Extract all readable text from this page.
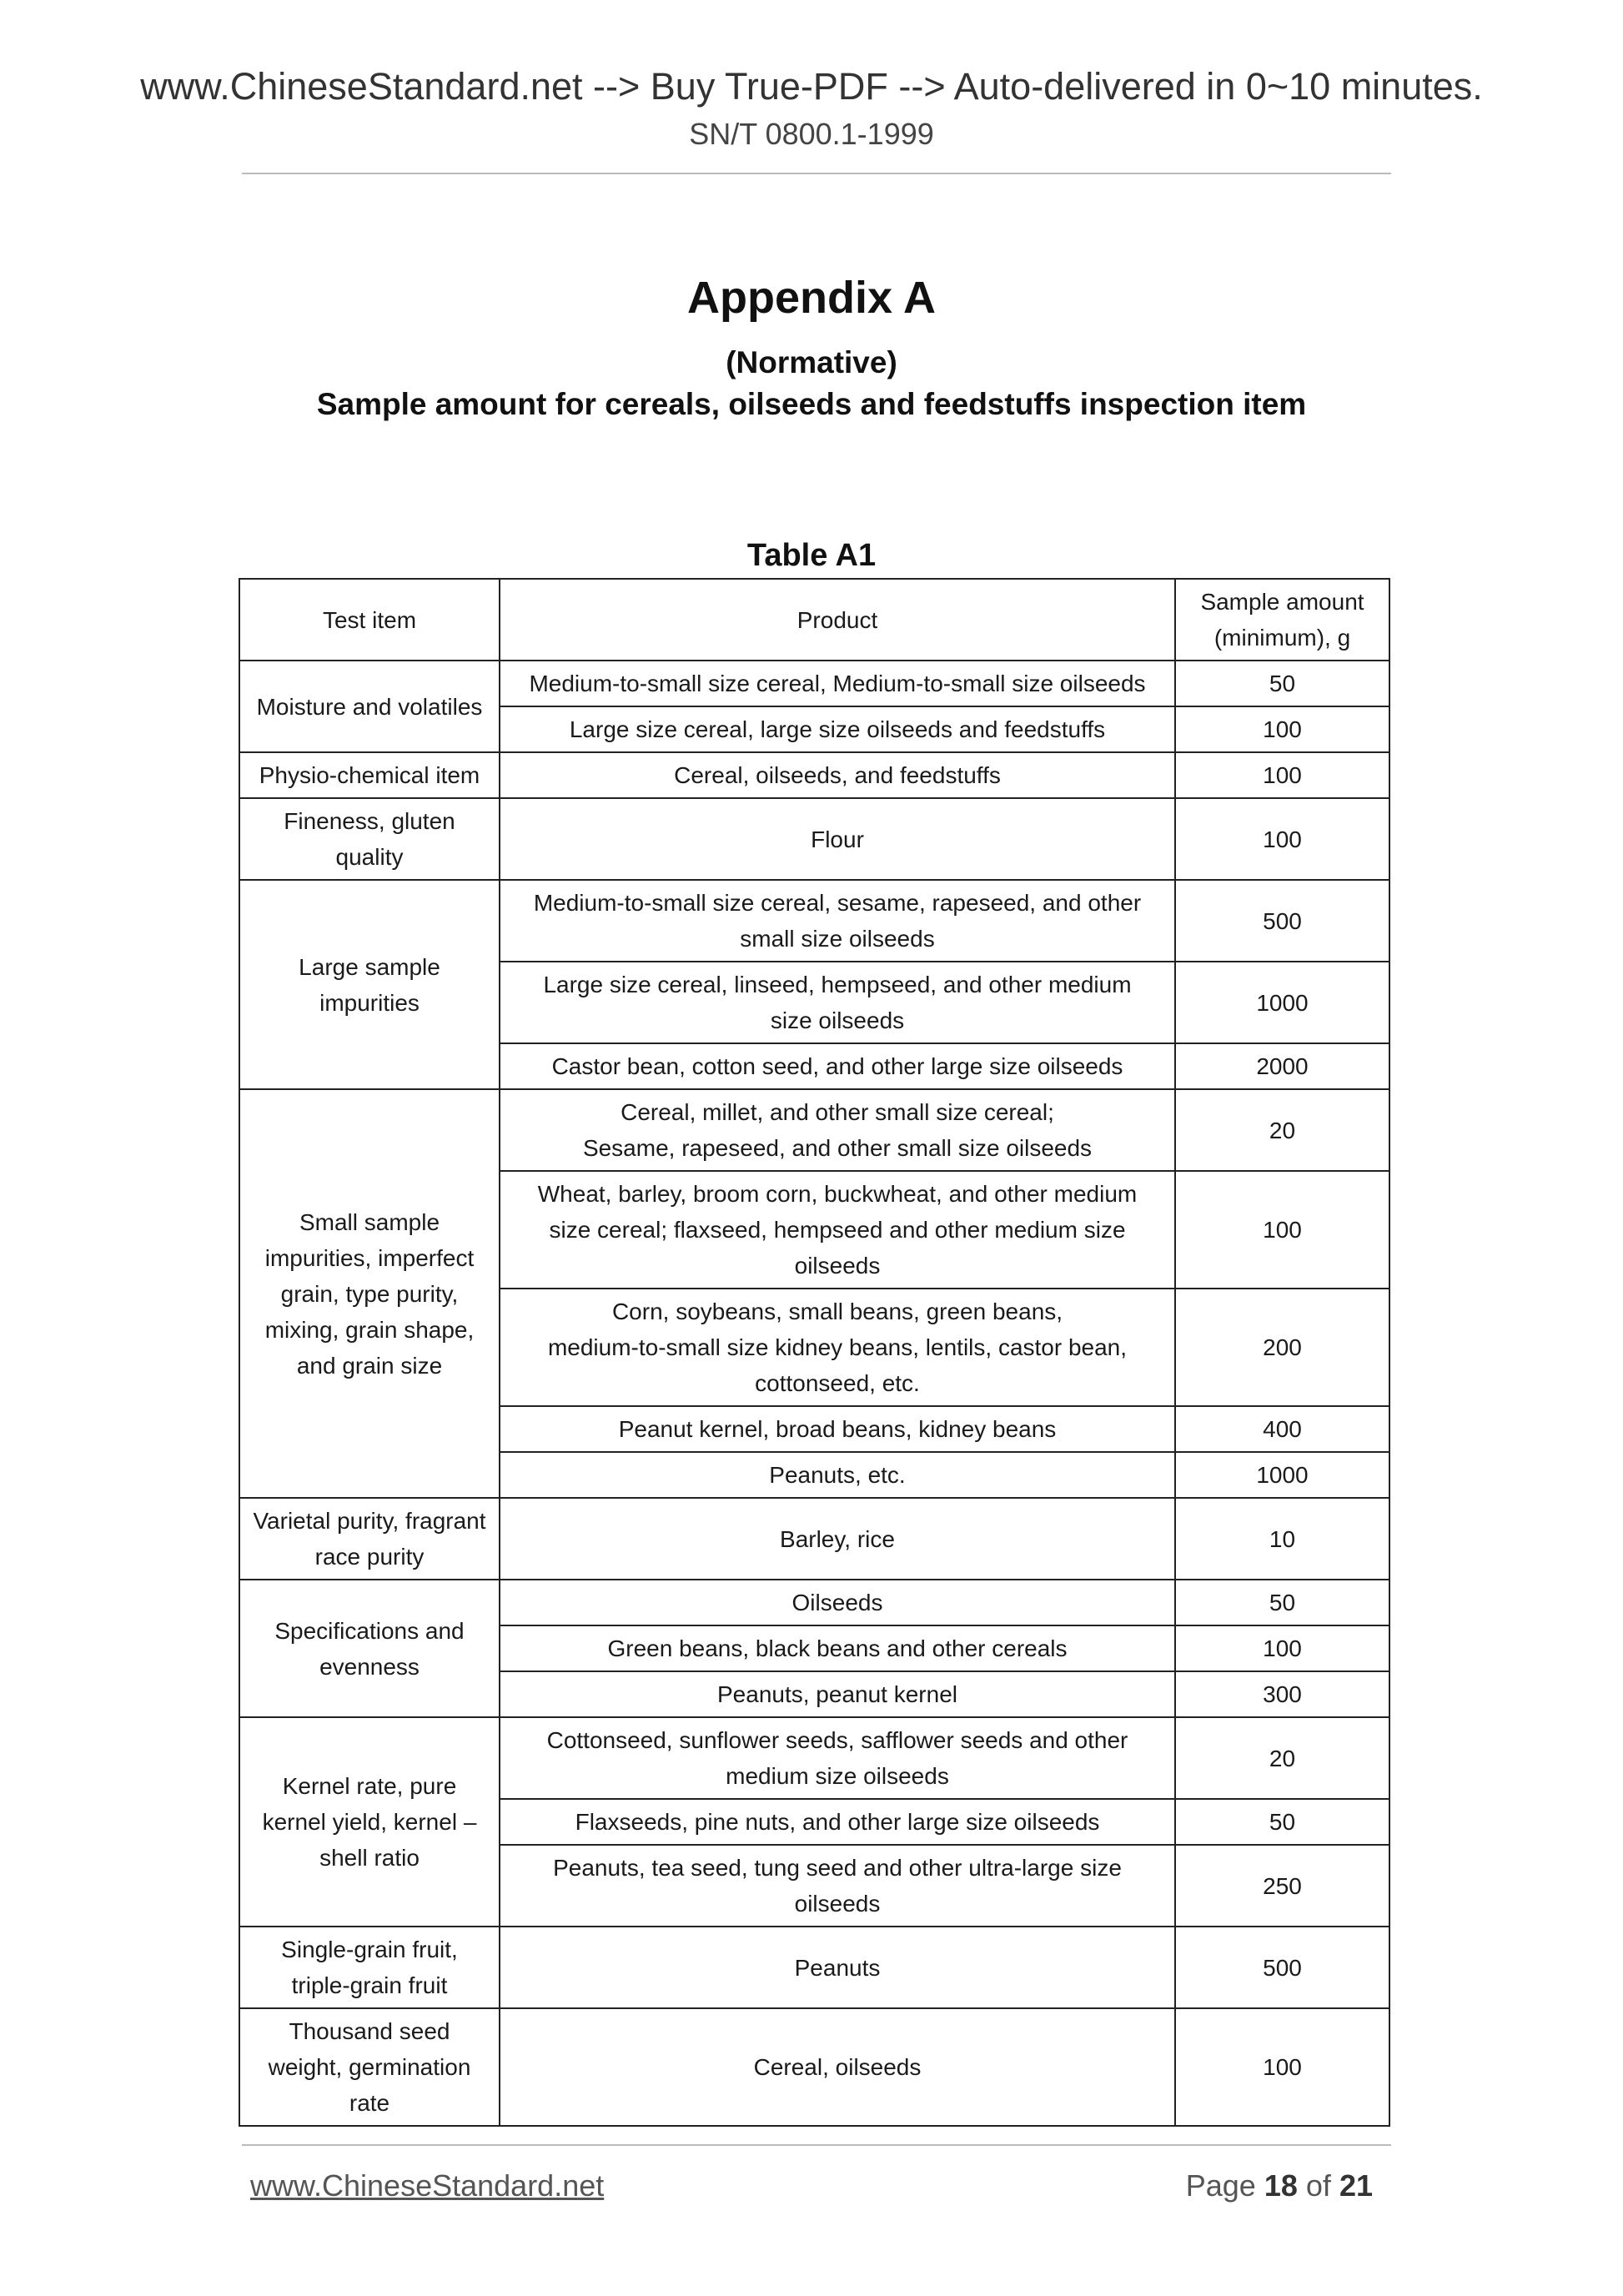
www.ChineseStandard.net --> Buy True-PDF --> Auto-delivered in 0~10 minutes.
SN/T 0800.1-1999
Appendix A
(Normative)
Sample amount for cereals, oilseeds and feedstuffs inspection item
Table A1
Test item	Product	Sample amount
(minimum), g
Moisture and volatiles	Medium-to-small size cereal, Medium-to-small size oilseeds	50
	Large size cereal, large size oilseeds and feedstuffs	100
Physio-chemical item	Cereal, oilseeds, and feedstuffs	100
Fineness, gluten
quality	Flour	100
Large sample
impurities	Medium-to-small size cereal, sesame, rapeseed, and other
small size oilseeds	500
	Large size cereal, linseed, hempseed, and other medium
size oilseeds	1000
	Castor bean, cotton seed, and other large size oilseeds	2000
Small sample
impurities, imperfect
grain, type purity,
mixing, grain shape,
and grain size	Cereal, millet, and other small size cereal;
Sesame, rapeseed, and other small size oilseeds	20
	Wheat, barley, broom corn, buckwheat, and other medium
size cereal; flaxseed, hempseed and other medium size
oilseeds	100
	Corn, soybeans, small beans, green beans,
medium-to-small size kidney beans, lentils, castor bean,
cottonseed, etc.	200
	Peanut kernel, broad beans, kidney beans	400
	Peanuts, etc.	1000
Varietal purity, fragrant
race purity	Barley, rice	10
Specifications and
evenness	Oilseeds	50
	Green beans, black beans and other cereals	100
	Peanuts, peanut kernel	300
Kernel rate, pure
kernel yield, kernel –
shell ratio	Cottonseed, sunflower seeds, safflower seeds and other
medium size oilseeds	20
	Flaxseeds, pine nuts, and other large size oilseeds	50
	Peanuts, tea seed, tung seed and other ultra-large size
oilseeds	250
Single-grain fruit,
triple-grain fruit	Peanuts	500
Thousand seed
weight, germination
rate	Cereal, oilseeds	100
www.ChineseStandard.net	Page 18 of 21
